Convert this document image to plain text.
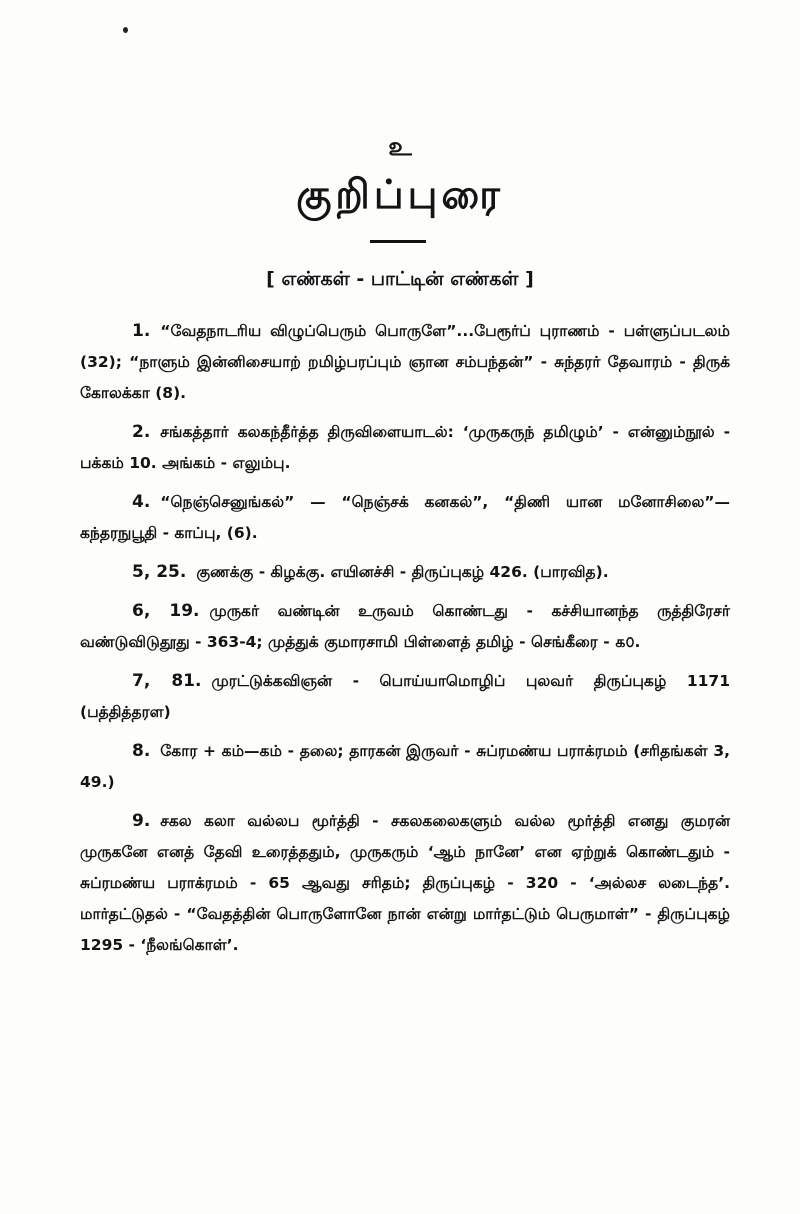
உ
குறிப்புரை
[ எண்கள் - பாட்டின் எண்கள் ]

1. “வேதநாடரிய விழுப்பெரும் பொருளே”...பேரூர்ப் புராணம் - பள்ளுப்படலம் (32); “நாளும் இன்னிசையாற் றமிழ்பரப்பும் ஞான சம்பந்தன்” - சுந்தரர் தேவாரம் - திருக் கோலக்கா (8).

2. சங்கத்தார் கலகந்தீர்த்த திருவிளையாடல்: ‘முருகரு‍ந் தமிழும்’ - என்னும்நூல் - பக்கம் 10. அங்கம் - எலும்பு.

4. “நெஞ்செனுங்கல்” — “நெஞ்சக் கனகல்”, “திணி யான மனோசிலை”—கந்தரநுபூதி - காப்பு, (6).

5, 25. குணக்கு - கிழக்கு. எயினச்சி - திருப்புகழ் 426. (பாரவித).

6, 19. முருகர் வண்டின் உருவம் கொண்டது - கச்சியானந்த ருத்திரேசர் வண்டுவிடுதூது - 363-4; முத்துக் குமாரசாமி பிள்ளைத் தமிழ் - செங்கீரை - ௧௦.

7, 81. முரட்டுக்கவிஞன் - பொய்யாமொழிப் புலவர் திருப்புகழ் 1171 (பத்தித்தரள)

8. கோர + கம்—கம் - தலை; தாரகன் இருவர் - சுப்ரமண்ய பராக்ரமம் (சரிதங்கள் 3, 49.)

9. சகல கலா வல்லப மூர்த்தி - சகலகலைகளும் வல்ல மூர்த்தி எனது குமரன் முருகனே எனத் தேவி உரைத்ததும், முருகரும் ‘ஆம் நானே’ என ஏற்றுக் கொண்டதும் - சுப்ரமண்ய பராக்ரமம் - 65 ஆவது சரிதம்; திருப்புகழ் - 320 - ‘அல்லச லடைந்த’. மார்தட்டுதல் - “வேதத்தின் பொருளோனே நான் என்று மார்தட்டும் பெருமாள்” - திருப்புகழ் 1295 - ‘நீலங்கொள்’.
